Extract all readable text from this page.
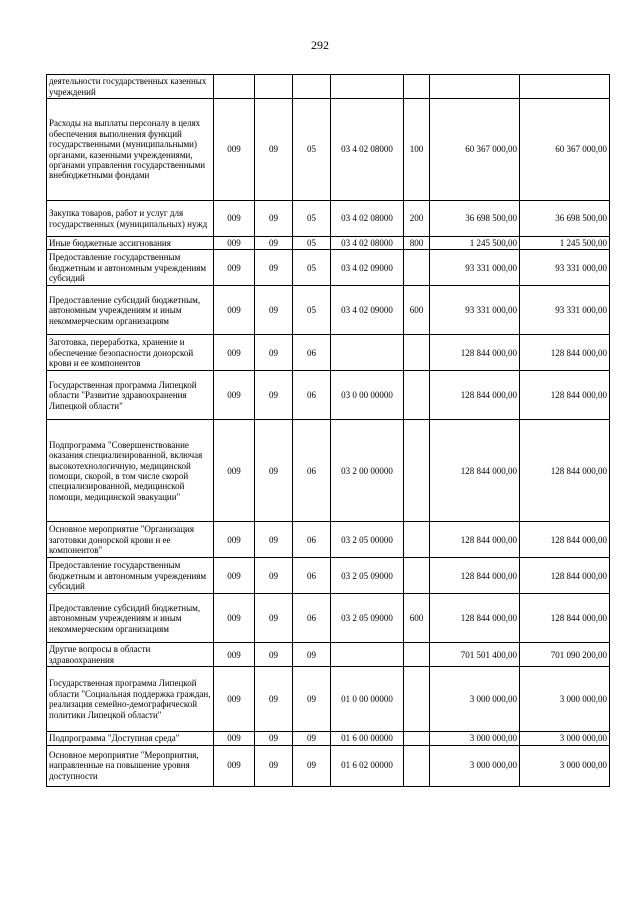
292
деятельности государственных казенных учреждений							
Расходы на выплаты персоналу в целях обеспечения выполнения функций государственными (муниципальными) органами, казенными учреждениями, органами управления государственными внебюджетными фондами	009	09	05	03 4 02 08000	100	60 367 000,00	60 367 000,00
Закупка товаров, работ и услуг для государственных (муниципальных) нужд	009	09	05	03 4 02 08000	200	36 698 500,00	36 698 500,00
Иные бюджетные ассигнования	009	09	05	03 4 02 08000	800	1 245 500,00	1 245 500,00
Предоставление государственным бюджетным и автономным учреждениям субсидий	009	09	05	03 4 02 09000		93 331 000,00	93 331 000,00
Предоставление субсидий бюджетным, автономным учреждениям и иным некоммерческим организациям	009	09	05	03 4 02 09000	600	93 331 000,00	93 331 000,00
Заготовка, переработка, хранение и обеспечение безопасности донорской крови и ее компонентов	009	09	06			128 844 000,00	128 844 000,00
Государственная программа Липецкой области "Развитие здравоохранения Липецкой области"	009	09	06	03 0 00 00000		128 844 000,00	128 844 000,00
Подпрограмма "Совершенствование оказания специализированной, включая высокотехнологичную, медицинской помощи, скорой, в том числе скорой специализированной, медицинской помощи, медицинской эвакуации"	009	09	06	03 2 00 00000		128 844 000,00	128 844 000,00
Основное мероприятие "Организация заготовки донорской крови и ее компонентов"	009	09	06	03 2 05 00000		128 844 000,00	128 844 000,00
Предоставление государственным бюджетным и автономным учреждениям субсидий	009	09	06	03 2 05 09000		128 844 000,00	128 844 000,00
Предоставление субсидий бюджетным, автономным учреждениям и иным некоммерческим организациям	009	09	06	03 2 05 09000	600	128 844 000,00	128 844 000,00
Другие вопросы в области здравоохранения	009	09	09			701 501 400,00	701 090 200,00
Государственная программа Липецкой области "Социальная поддержка граждан, реализация семейно-демографической политики Липецкой области"	009	09	09	01 0 00 00000		3 000 000,00	3 000 000,00
Подпрограмма "Доступная среда"	009	09	09	01 6 00 00000		3 000 000,00	3 000 000,00
Основное мероприятие "Мероприятия, направленные на повышение уровня доступности	009	09	09	01 6 02 00000		3 000 000,00	3 000 000,00
